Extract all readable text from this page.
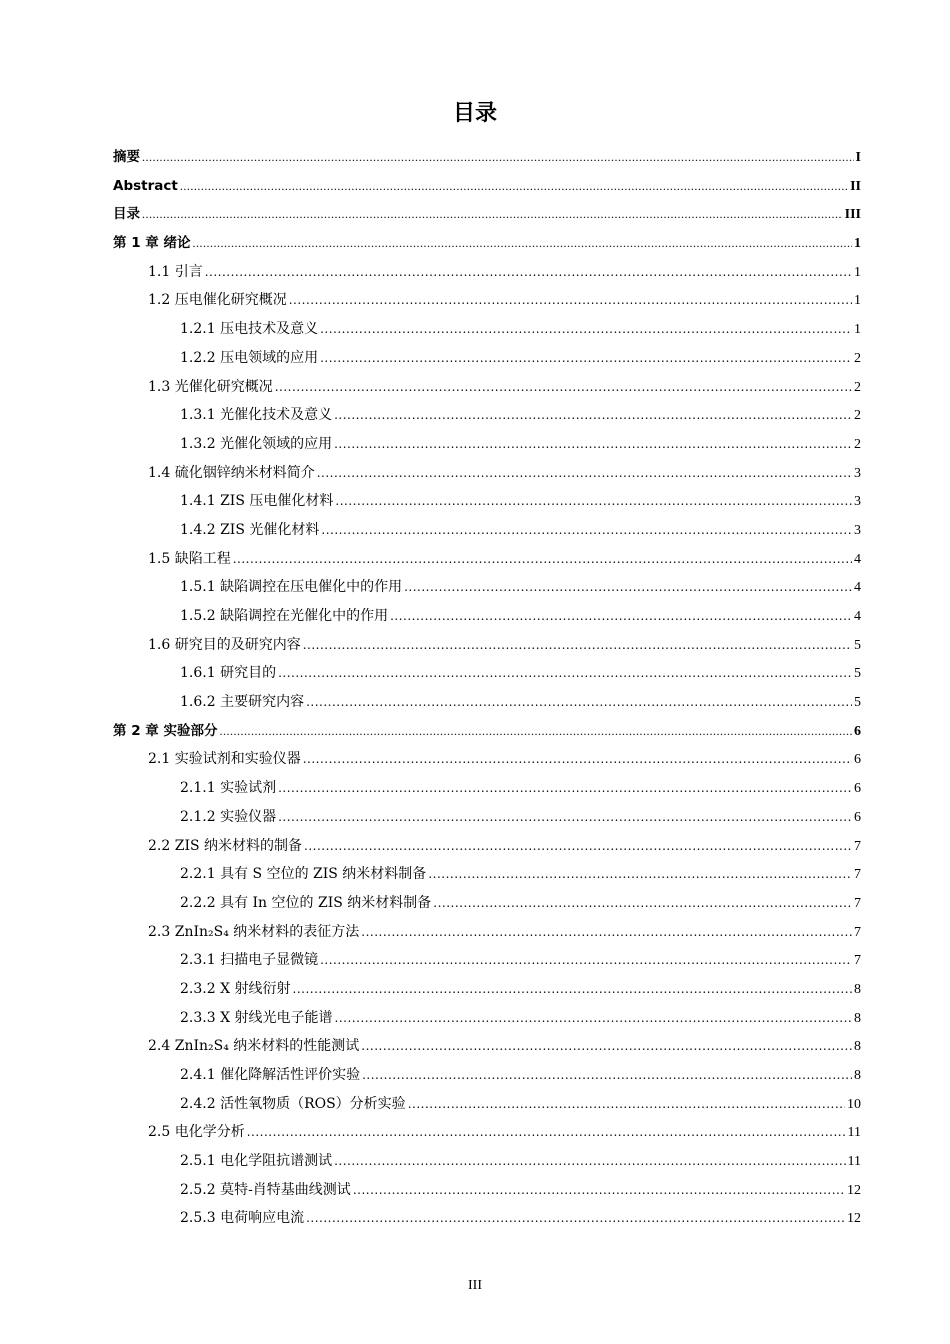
目录
摘要 .....	I
Abstract .....	II
目录 .....	III
第 1 章 绪论 .....	1
1.1 引言 .....	1
1.2 压电催化研究概况 .....	1
1.2.1 压电技术及意义 .....	1
1.2.2 压电领域的应用 .....	2
1.3 光催化研究概况 .....	2
1.3.1 光催化技术及意义 .....	2
1.3.2 光催化领域的应用 .....	2
1.4 硫化铟锌纳米材料简介 .....	3
1.4.1 ZIS 压电催化材料 .....	3
1.4.2 ZIS 光催化材料 .....	3
1.5 缺陷工程 .....	4
1.5.1 缺陷调控在压电催化中的作用 .....	4
1.5.2 缺陷调控在光催化中的作用 .....	4
1.6 研究目的及研究内容 .....	5
1.6.1 研究目的 .....	5
1.6.2 主要研究内容 .....	5
第 2 章 实验部分 .....	6
2.1 实验试剂和实验仪器 .....	6
2.1.1 实验试剂 .....	6
2.1.2 实验仪器 .....	6
2.2 ZIS 纳米材料的制备 .....	7
2.2.1 具有 S 空位的 ZIS 纳米材料制备 .....	7
2.2.2 具有 In 空位的 ZIS 纳米材料制备 .....	7
2.3 ZnIn₂S₄ 纳米材料的表征方法 .....	7
2.3.1 扫描电子显微镜 .....	7
2.3.2 X 射线衍射 .....	8
2.3.3 X 射线光电子能谱 .....	8
2.4 ZnIn₂S₄ 纳米材料的性能测试 .....	8
2.4.1 催化降解活性评价实验 .....	8
2.4.2 活性氧物质（ROS）分析实验 .....	10
2.5 电化学分析 .....	11
2.5.1 电化学阻抗谱测试 .....	11
2.5.2 莫特-肖特基曲线测试 .....	12
2.5.3 电荷响应电流 .....	12
III
